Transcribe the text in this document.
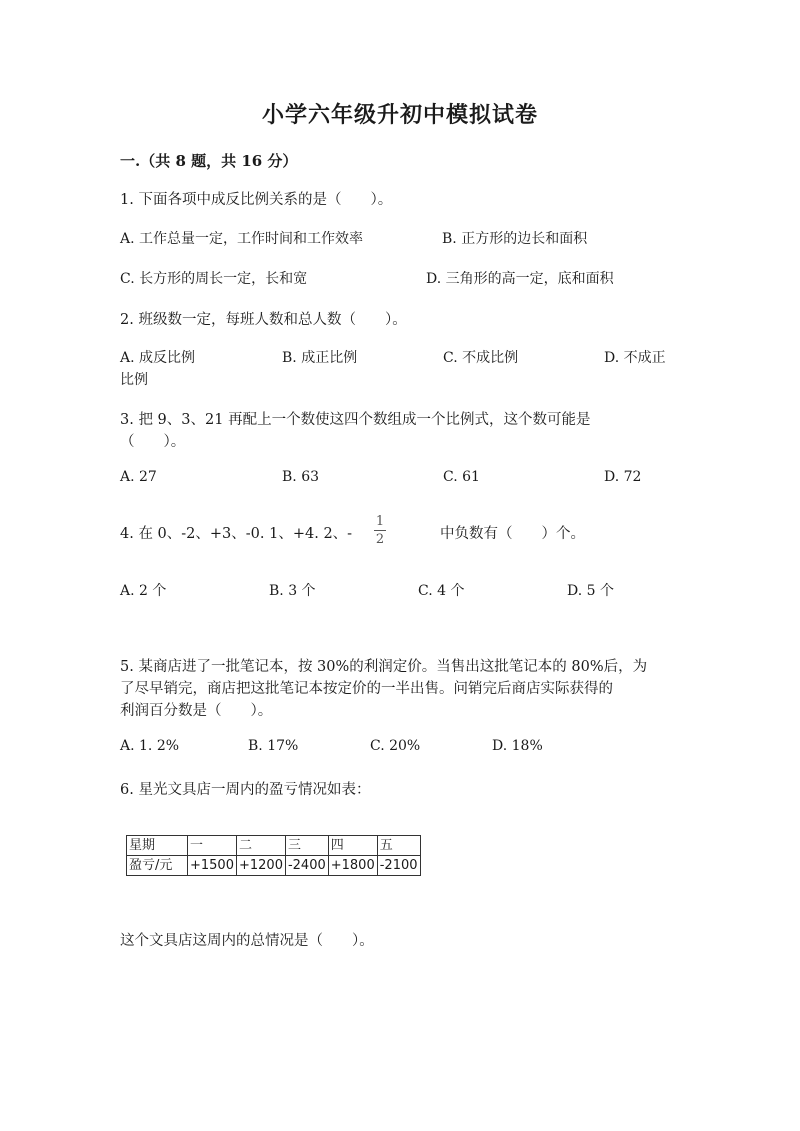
小学六年级升初中模拟试卷
一.（共 8 题，共 16 分）
1. 下面各项中成反比例关系的是（　　）。
A. 工作总量一定，工作时间和工作效率	B. 正方形的边长和面积
C. 长方形的周长一定，长和宽	D. 三角形的高一定，底和面积
2. 班级数一定，每班人数和总人数（　　）。
A. 成反比例	B. 成正比例	C. 不成比例	D. 不成正
比例
3. 把 9、3、21 再配上一个数使这四个数组成一个比例式，这个数可能是
（　　）。
A. 27	B. 63	C. 61	D. 72
4. 在 0、-2、+3、-0. 1、+4. 2、-
1
2	中负数有（　　）个。
A. 2 个	B. 3 个	C. 4 个	D. 5 个
5. 某商店进了一批笔记本，按 30%的利润定价。当售出这批笔记本的 80%后，为
了尽早销完，商店把这批笔记本按定价的一半出售。问销完后商店实际获得的
利润百分数是（　　）。
A. 1. 2%	B. 17%	C. 20%	D. 18%
6. 星光文具店一周内的盈亏情况如表：
星期	一	二	三	四	五
盈亏/元	+1500	+1200	-2400	+1800	-2100
这个文具店这周内的总情况是（　　）。
